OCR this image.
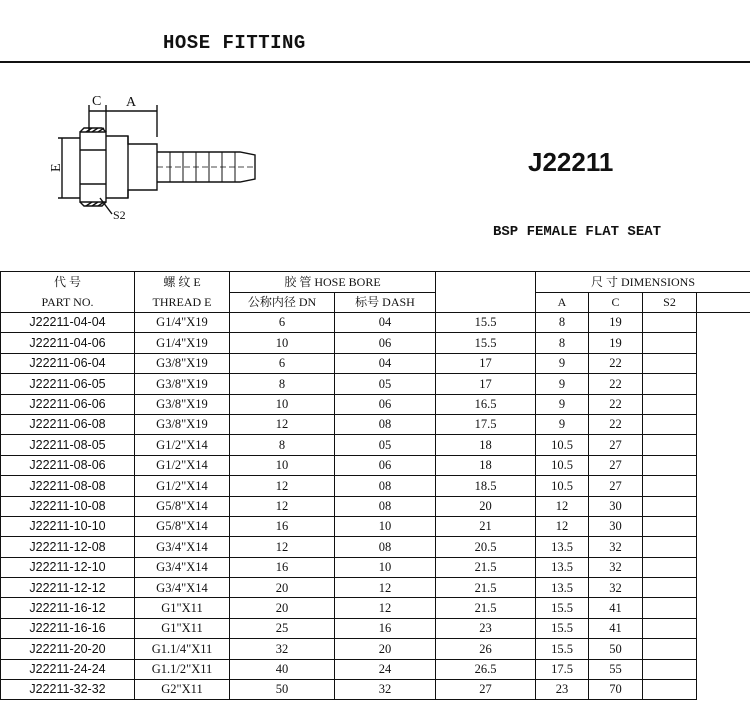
HOSE FITTING
C A
E
S2
J22211
BSP FEMALE FLAT SEAT
代 号	螺 纹 E	胶 管 HOSE BORE			尺 寸 DIMENSIONS			
PART NO.	THREAD E	公称内径 DN	标号 DASH		A	C	S2	
J22211-04-04	G1/4"X19	6	04	15.5	8	19		
J22211-04-06	G1/4"X19	10	06	15.5	8	19		
J22211-06-04	G3/8"X19	6	04	17	9	22		
J22211-06-05	G3/8"X19	8	05	17	9	22		
J22211-06-06	G3/8"X19	10	06	16.5	9	22		
J22211-06-08	G3/8"X19	12	08	17.5	9	22		
J22211-08-05	G1/2"X14	8	05	18	10.5	27		
J22211-08-06	G1/2"X14	10	06	18	10.5	27		
J22211-08-08	G1/2"X14	12	08	18.5	10.5	27		
J22211-10-08	G5/8"X14	12	08	20	12	30		
J22211-10-10	G5/8"X14	16	10	21	12	30		
J22211-12-08	G3/4"X14	12	08	20.5	13.5	32		
J22211-12-10	G3/4"X14	16	10	21.5	13.5	32		
J22211-12-12	G3/4"X14	20	12	21.5	13.5	32		
J22211-16-12	G1"X11	20	12	21.5	15.5	41		
J22211-16-16	G1"X11	25	16	23	15.5	41		
J22211-20-20	G1.1/4"X11	32	20	26	15.5	50		
J22211-24-24	G1.1/2"X11	40	24	26.5	17.5	55		
J22211-32-32	G2"X11	50	32	27	23	70		
